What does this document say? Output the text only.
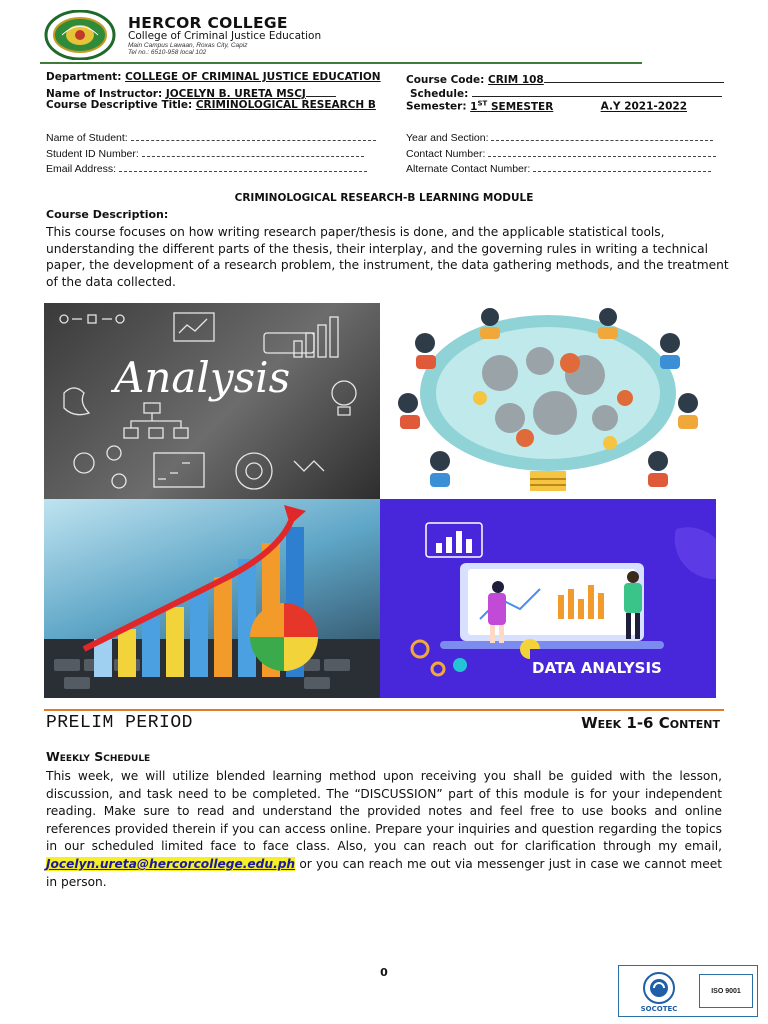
HERCOR COLLEGE
College of Criminal Justice Education
Main Campus Lawaan, Roxas City, Capiz
Tel no.: 6510-958 local 102
Department: COLLEGE OF CRIMINAL JUSTICE EDUCATION
Name of Instructor: JOCELYN B. URETA MSCJ
Course Descriptive Title: CRIMINOLOGICAL RESEARCH B
Course Code: CRIM 108
Schedule:
Semester: 1ST SEMESTER	A.Y 2021-2022
Name of Student:
Student ID Number:
Email Address:
Year and Section:
Contact Number:
Alternate Contact Number:
CRIMINOLOGICAL RESEARCH-B LEARNING MODULE
Course Description:
This course focuses on how writing research paper/thesis is done, and the applicable statistical tools, understanding the different parts of the thesis, their interplay, and the governing rules in writing a technical paper, the development of a research problem, the instrument, the data gathering methods, and the treatment of the data collected.
Analysis
DATA ANALYSIS
PRELIM PERIOD	Week 1-6 Content
Weekly Schedule
This week, we will utilize blended learning method upon receiving you shall be guided with the lesson, discussion, and task need to be completed. The “DISCUSSION” part of this module is for your independent reading. Make sure to read and understand the provided notes and feel free to use books and online references provided therein if you can access online. Prepare your inquiries and question regarding the topics in our scheduled limited face to face class. Also, you can reach out for clarification through my email, Jocelyn.ureta@hercorcollege.edu.ph or you can reach me out via messenger just in case we cannot meet in person.
0
SOCOTEC
ISO 9001
